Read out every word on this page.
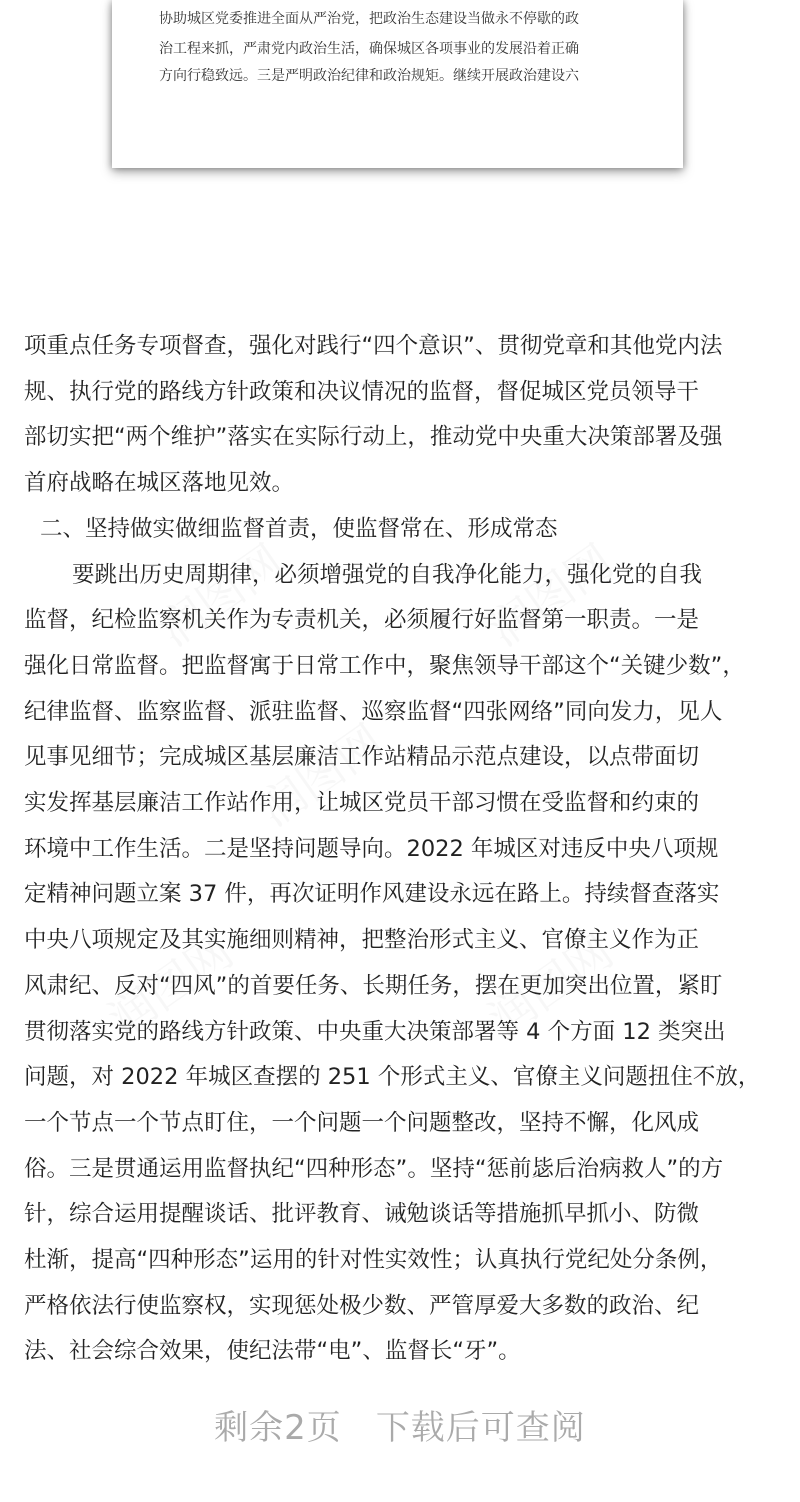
协助城区党委推进全面从严治党，把政治生态建设当做永不停歇的政

治工程来抓，严肃党内政治生活，确保城区各项事业的发展沿着正确

方向行稳致远。三是严明政治纪律和政治规矩。继续开展政治建设六

润图网	润图网
润图网
润图网	润图网

项重点任务专项督查，强化对践行“四个意识”、贯彻党章和其他党内法

规、执行党的路线方针政策和决议情况的监督，督促城区党员领导干

部切实把“两个维护”落实在实际行动上，推动党中央重大决策部署及强

首府战略在城区落地见效。

二、坚持做实做细监督首责，使监督常在、形成常态

要跳出历史周期律，必须增强党的自我净化能力，强化党的自我

监督，纪检监察机关作为专责机关，必须履行好监督第一职责。一是

强化日常监督。把监督寓于日常工作中，聚焦领导干部这个“关键少数”，

纪律监督、监察监督、派驻监督、巡察监督“四张网络”同向发力，见人

见事见细节；完成城区基层廉洁工作站精品示范点建设，以点带面切

实发挥基层廉洁工作站作用，让城区党员干部习惯在受监督和约束的

环境中工作生活。二是坚持问题导向。2022 年城区对违反中央八项规

定精神问题立案 37 件，再次证明作风建设永远在路上。持续督查落实

中央八项规定及其实施细则精神，把整治形式主义、官僚主义作为正

风肃纪、反对“四风”的首要任务、长期任务，摆在更加突出位置，紧盯

贯彻落实党的路线方针政策、中央重大决策部署等 4 个方面 12 类突出

问题，对 2022 年城区查摆的 251 个形式主义、官僚主义问题扭住不放，

一个节点一个节点盯住，一个问题一个问题整改，坚持不懈，化风成

俗。三是贯通运用监督执纪“四种形态”。坚持“惩前毖后治病救人”的方

针，综合运用提醒谈话、批评教育、诫勉谈话等措施抓早抓小、防微

杜渐，提高“四种形态”运用的针对性实效性；认真执行党纪处分条例，

严格依法行使监察权，实现惩处极少数、严管厚爱大多数的政治、纪

法、社会综合效果，使纪法带“电”、监督长“牙”。

剩余2页 下载后可查阅
